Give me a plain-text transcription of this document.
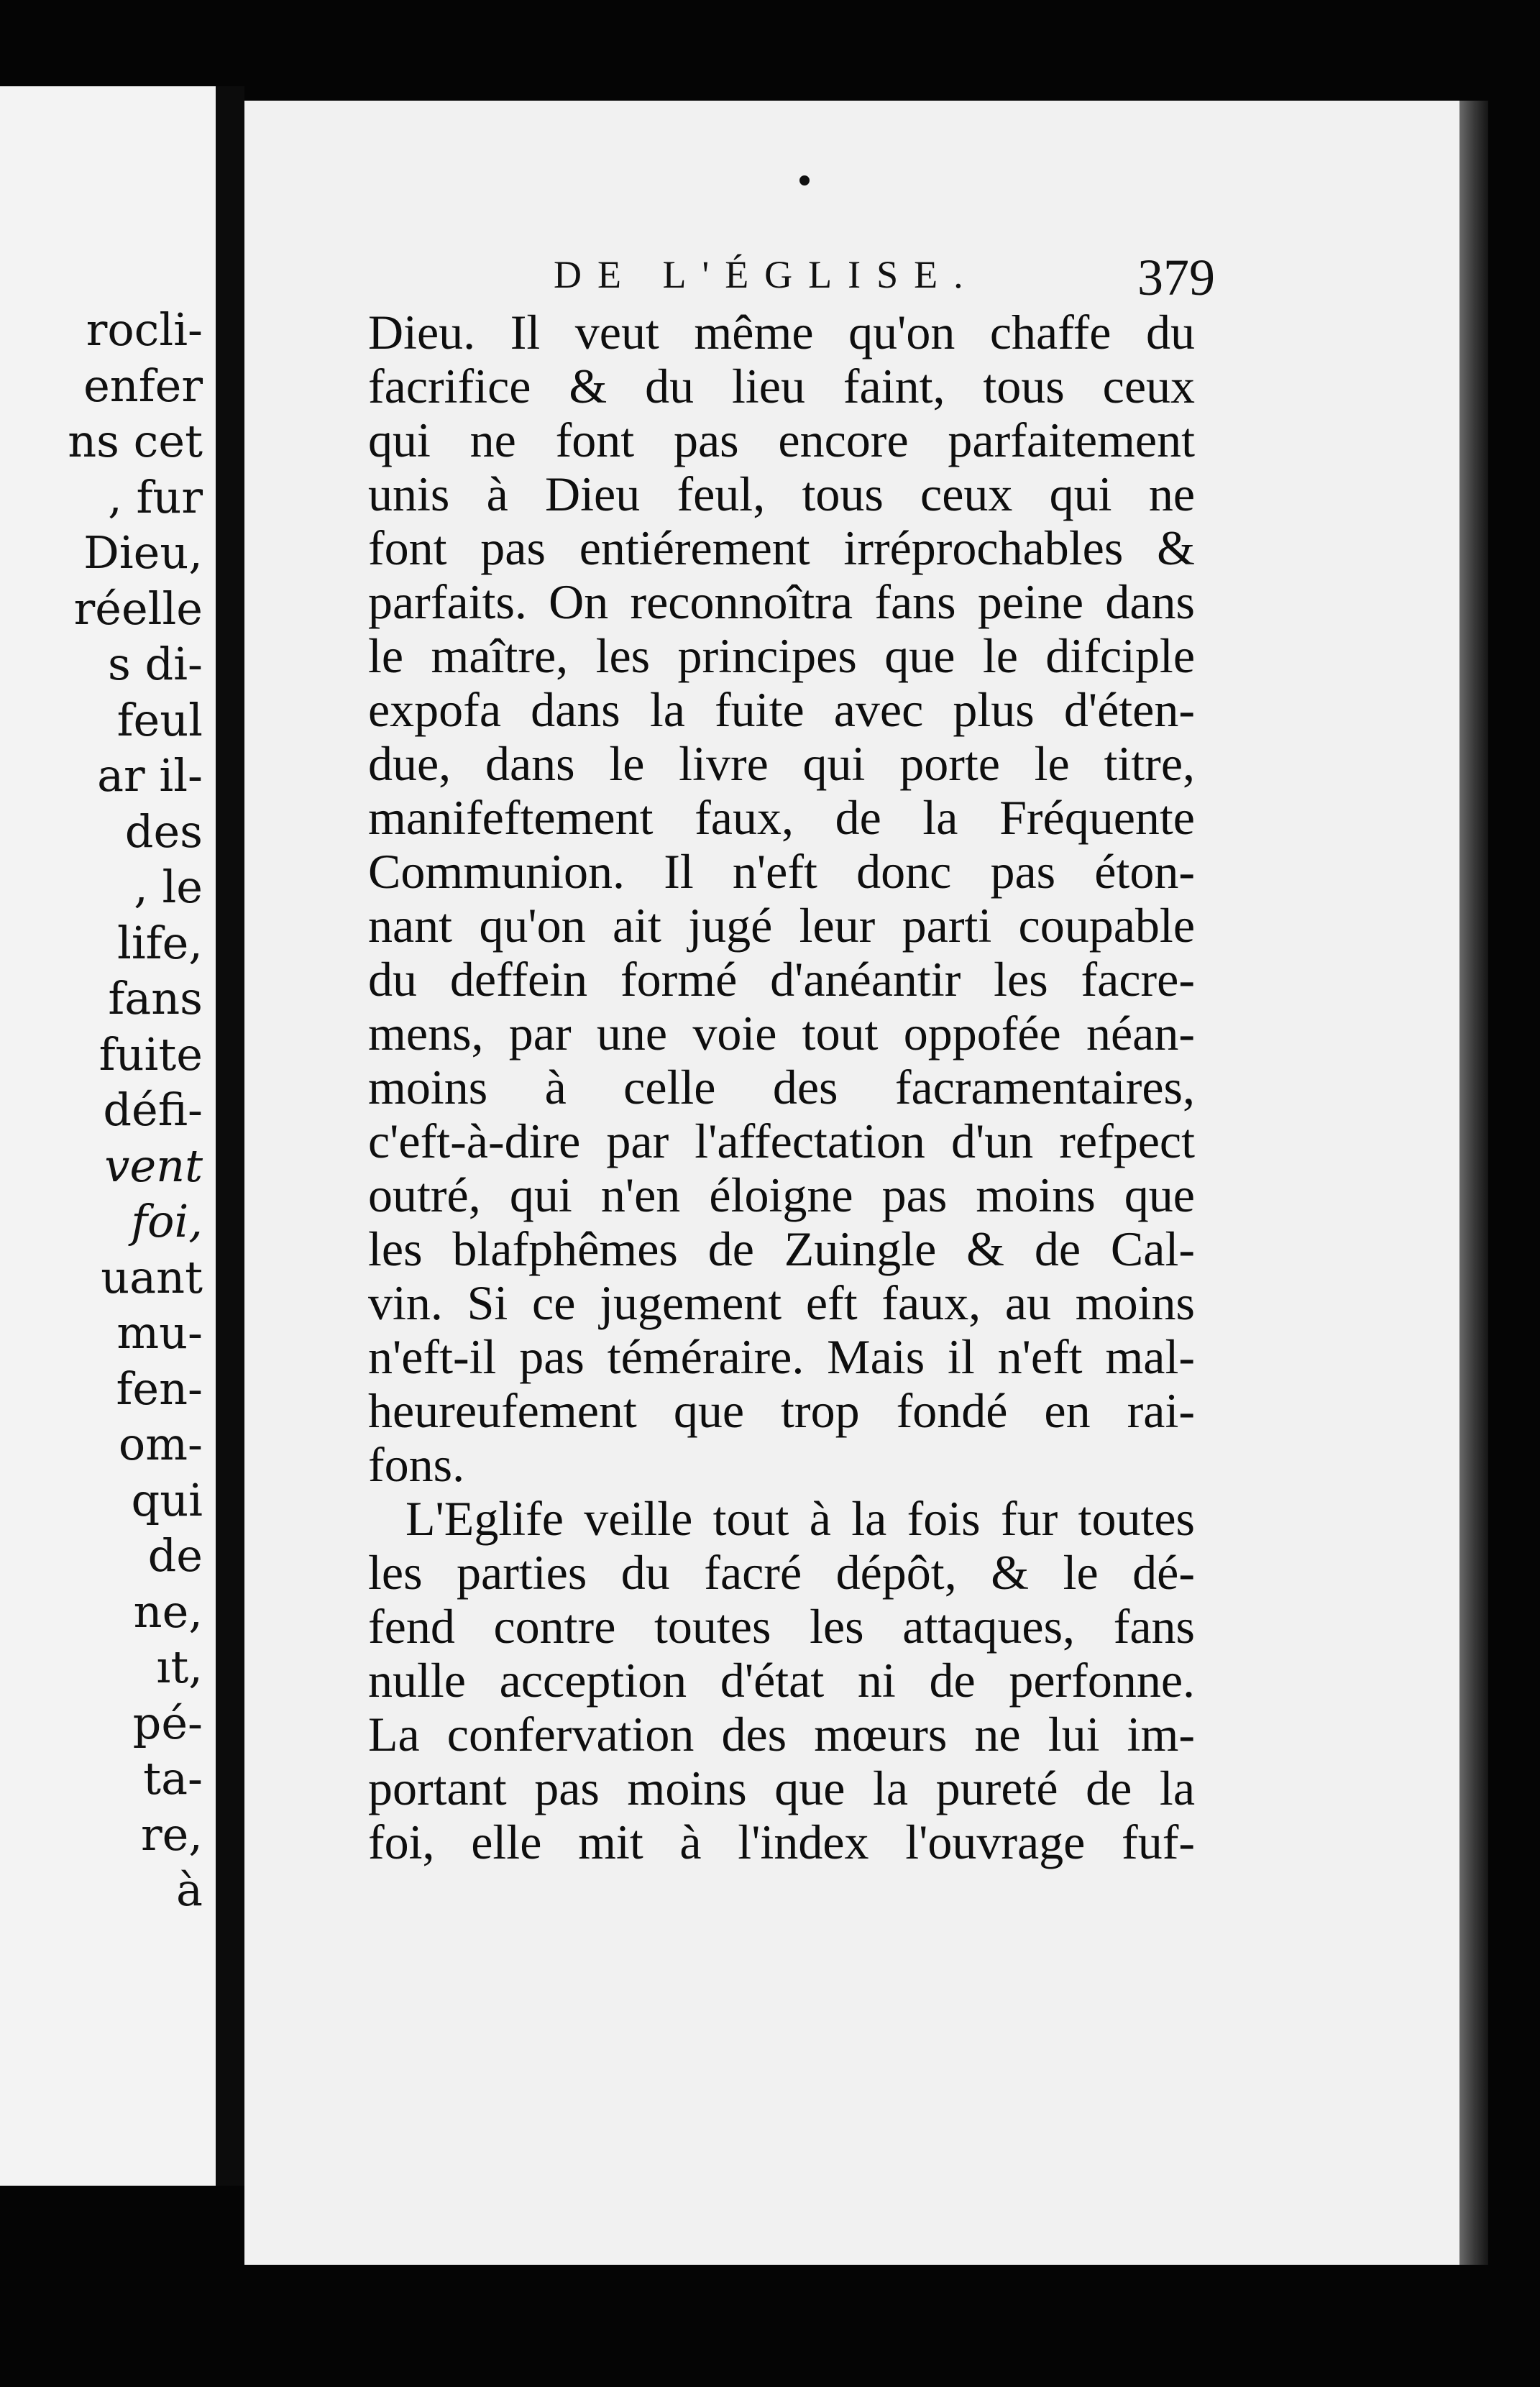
rocli-
enfer
ns cet
, fur
Dieu,
réelle
s di-
feul
ar il-
des
, le
life,
fans
fuite
défi-
vent
foi,
uant
mu-
fen-
om-
qui
de
ne,
ıt,
pé-
ta-
re,
à
DE L'ÉGLISE.	379
Dieu. Il veut même qu'on chaffe du
facrifice & du lieu faint, tous ceux
qui ne font pas encore parfaitement
unis à Dieu feul, tous ceux qui ne
font pas entiérement irréprochables &
parfaits. On reconnoîtra fans peine dans
le maître, les principes que le difciple
expofa dans la fuite avec plus d'éten-
due, dans le livre qui porte le titre,
manifeftement faux, de la Fréquente
Communion. Il n'eft donc pas éton-
nant qu'on ait jugé leur parti coupable
du deffein formé d'anéantir les facre-
mens, par une voie tout oppofée néan-
moins à celle des facramentaires,
c'eft-à-dire par l'affectation d'un refpect
outré, qui n'en éloigne pas moins que
les blafphêmes de Zuingle & de Cal-
vin. Si ce jugement eft faux, au moins
n'eft-il pas téméraire. Mais il n'eft mal-
heureufement que trop fondé en rai-
fons.
L'Eglife veille tout à la fois fur toutes
les parties du facré dépôt, & le dé-
fend contre toutes les attaques, fans
nulle acception d'état ni de perfonne.
La confervation des mœurs ne lui im-
portant pas moins que la pureté de la
foi, elle mit à l'index l'ouvrage fuf-
